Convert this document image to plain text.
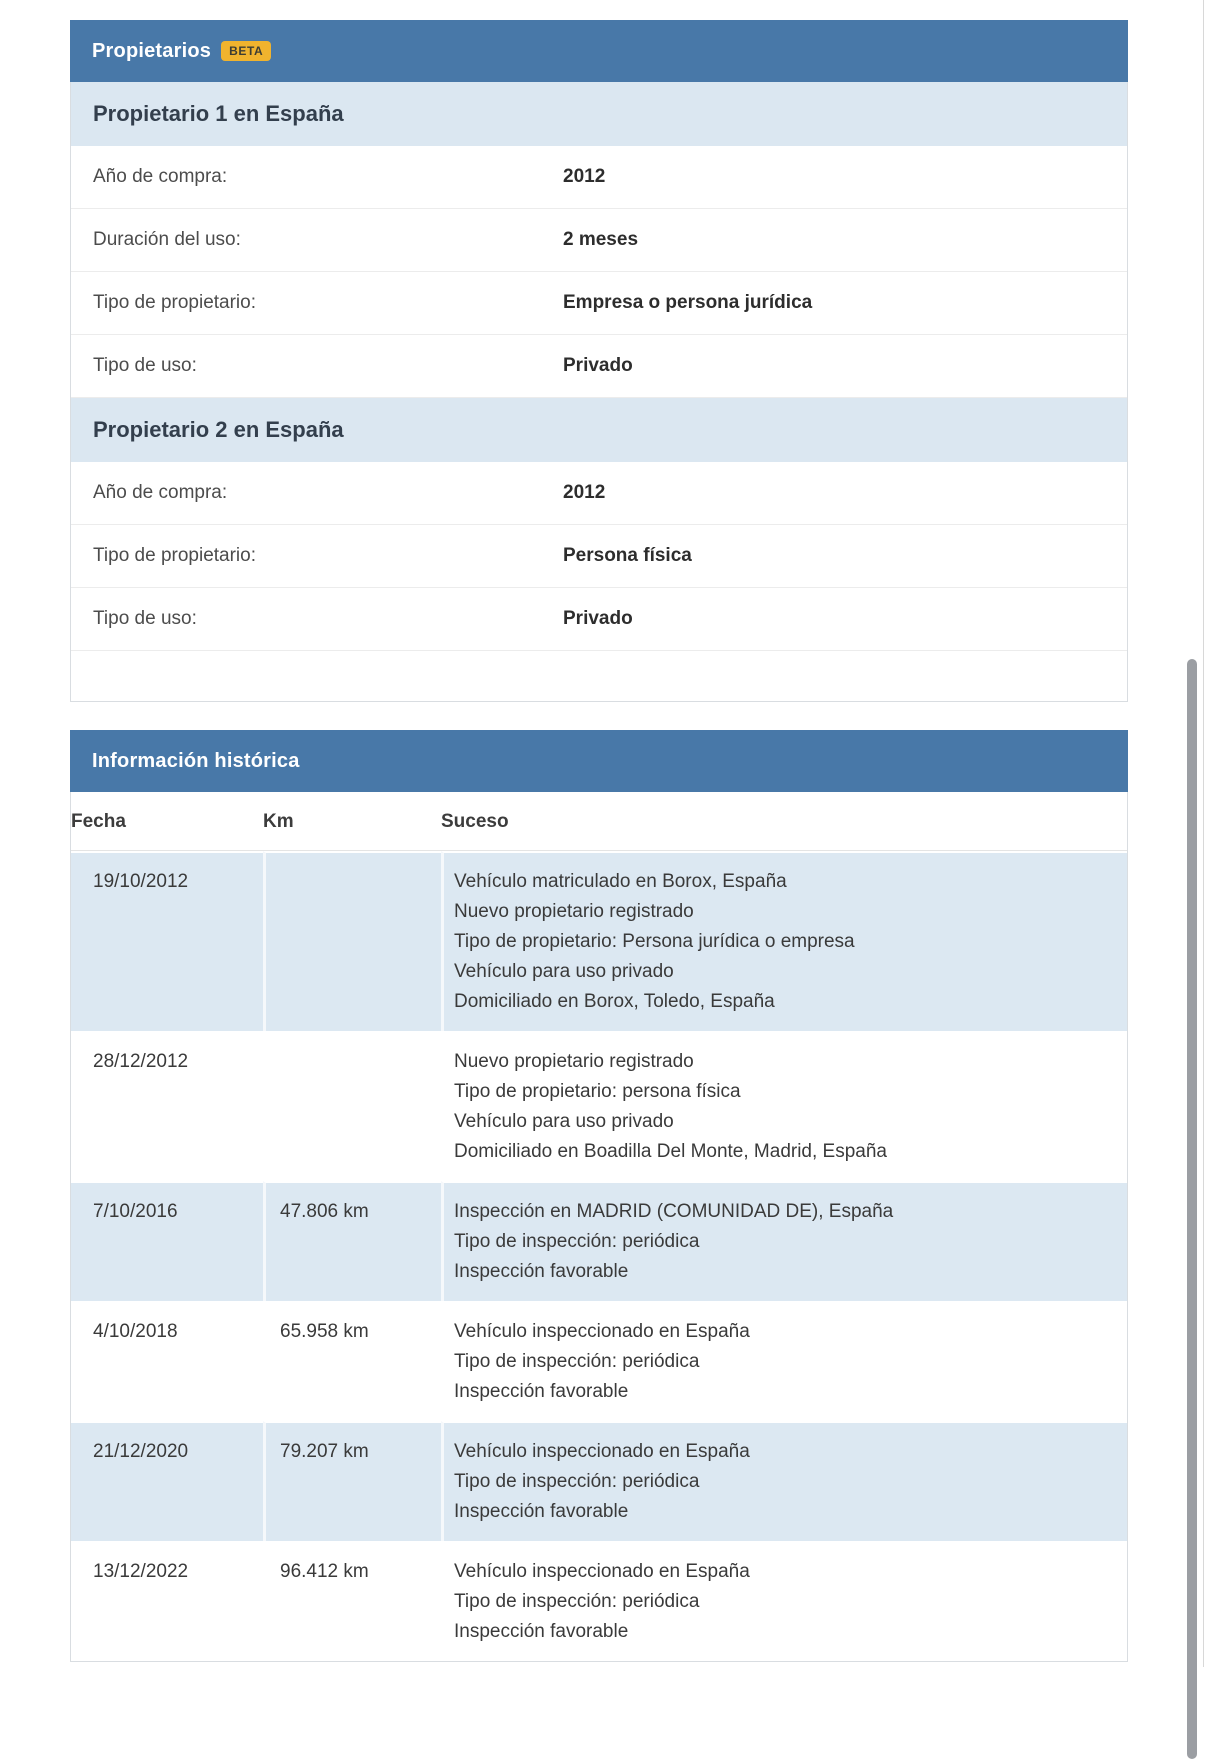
Propietarios	BETA
Propietario 1 en España
Año de compra:	2012
Duración del uso:	2 meses
Tipo de propietario:	Empresa o persona jurídica
Tipo de uso:	Privado
Propietario 2 en España
Año de compra:	2012
Tipo de propietario:	Persona física
Tipo de uso:	Privado
Información histórica
Fecha	Km	Suceso
19/10/2012		Vehículo matriculado en Borox, España
Nuevo propietario registrado
Tipo de propietario: Persona jurídica o empresa
Vehículo para uso privado
Domiciliado en Borox, Toledo, España

28/12/2012		Nuevo propietario registrado
Tipo de propietario: persona física
Vehículo para uso privado
Domiciliado en Boadilla Del Monte, Madrid, España

7/10/2016	47.806 km	Inspección en MADRID (COMUNIDAD DE), España
Tipo de inspección: periódica
Inspección favorable

4/10/2018	65.958 km	Vehículo inspeccionado en España
Tipo de inspección: periódica
Inspección favorable

21/12/2020	79.207 km	Vehículo inspeccionado en España
Tipo de inspección: periódica
Inspección favorable

13/12/2022	96.412 km	Vehículo inspeccionado en España
Tipo de inspección: periódica
Inspección favorable
